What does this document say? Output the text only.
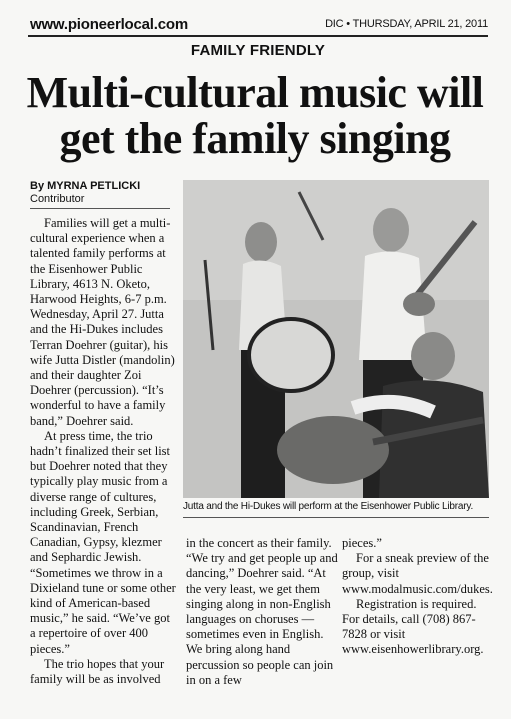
www.pioneerlocal.com	DIC • THURSDAY, APRIL 21, 2011
FAMILY FRIENDLY
Multi-cultural music will
get the family singing
By MYRNA PETLICKI
Contributor

Families will get a multi-cultural experience when a talented family performs at the Eisenhower Public Library, 4613 N. Oketo, Harwood Heights, 6-7 p.m. Wednesday, April 27. Jutta and the Hi-Dukes includes Terran Doehrer (guitar), his wife Jutta Distler (mandolin) and their daughter Zoi Doehrer (percussion). “It’s wonderful to have a family band,” Doehrer said.

At press time, the trio hadn’t finalized their set list but Doehrer noted that they typically play music from a diverse range of cultures, including Greek, Serbian, Scandinavian, French Canadian, Gypsy, klezmer and Sephardic Jewish. “Sometimes we throw in a Dixieland tune or some other kind of American-based music,” he said. “We’ve got a repertoire of over 400 pieces.”

The trio hopes that your family will be as involved

Jutta and the Hi-Dukes will perform at the Eisenhower Public Library.

in the concert as their family. “We try and get people up and dancing,” Doehrer said. “At the very least, we get them singing along in non-English languages on choruses — sometimes even in English. We bring along hand percussion so people can join in on a few

pieces.”

For a sneak preview of the group, visit www.modalmusic.com/dukes.

Registration is required. For details, call (708) 867-7828 or visit www.eisenhowerlibrary.org.
